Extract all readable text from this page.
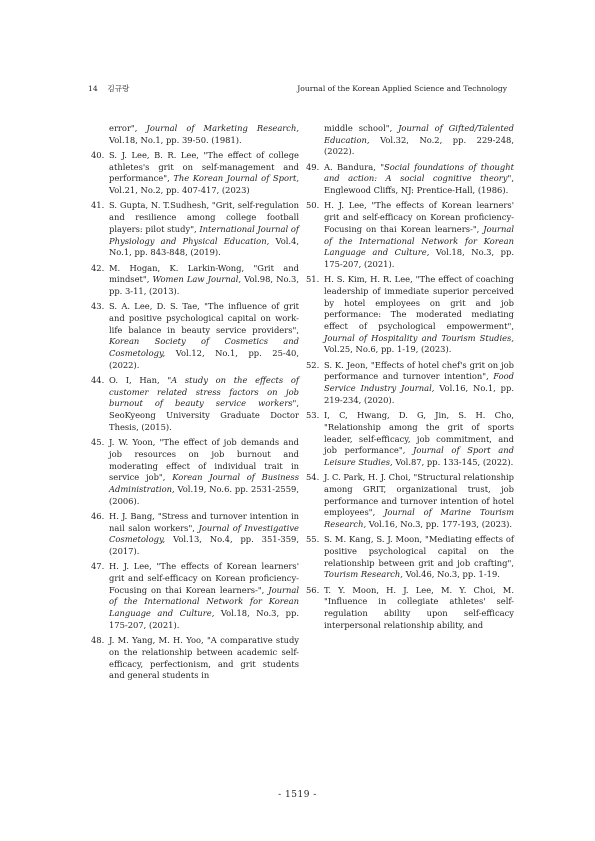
14 김규랑	Journal of the Korean Applied Science and Technology
error", Journal of Marketing Research, Vol.18, No.1, pp. 39-50. (1981).
40. S. J. Lee, B. R. Lee, "The effect of college athletes's grit on self-management and performance", The Korean Journal of Sport, Vol.21, No.2, pp. 407-417, (2023)
41. S. Gupta, N. T.Sudhesh, "Grit, self-regulation and resilience among college football players: pilot study", International Journal of Physiology and Physical Education, Vol.4, No.1, pp. 843-848, (2019).
42. M. Hogan, K. Larkin-Wong, "Grit and mindset", Women Law Journal, Vol.98, No.3, pp. 3-11, (2013).
43. S. A. Lee, D. S. Tae, "The influence of grit and positive psychological capital on work-life balance in beauty service providers", Korean Society of Cosmetics and Cosmetology, Vol.12, No.1, pp. 25-40, (2022).
44. O. I, Han, "A study on the effects of customer related stress factors on job burnout of beauty service workers", SeoKyeong University Graduate Doctor Thesis, (2015).
45. J. W. Yoon, "The effect of job demands and job resources on job burnout and moderating effect of individual trait in service job", Korean Journal of Business Administration, Vol.19, No.6. pp. 2531-2559, (2006).
46. H. J. Bang, "Stress and turnover intention in nail salon workers", Journal of Investigative Cosmetology, Vol.13, No.4, pp. 351-359, (2017).
47. H. J. Lee, "The effects of Korean learners' grit and self-efficacy on Korean proficiency-Focusing on thai Korean learners-", Journal of the International Network for Korean Language and Culture, Vol.18, No.3, pp. 175-207, (2021).
48. J. M. Yang, M. H. Yoo, "A comparative study on the relationship between academic self-efficacy, perfectionism, and grit students and general students in
middle school", Journal of Gifted/Talented Education, Vol.32, No.2, pp. 229-248, (2022).
49. A. Bandura, "Social foundations of thought and action: A social cognitive theory", Englewood Cliffs, NJ: Prentice-Hall, (1986).
50. H. J. Lee, "The effects of Korean learners' grit and self-efficacy on Korean proficiency-Focusing on thai Korean learners-", Journal of the International Network for Korean Language and Culture, Vol.18, No.3, pp. 175-207, (2021).
51. H. S. Kim, H. R. Lee, "The effect of coaching leadership of immediate superior perceived by hotel employees on grit and job performance: The moderated mediating effect of psychological empowerment", Journal of Hospitality and Tourism Studies, Vol.25, No.6, pp. 1-19, (2023).
52. S. K. Jeon, "Effects of hotel chef's grit on job performance and turnover intention", Food Service Industry Journal, Vol.16, No.1, pp. 219-234, (2020).
53. I, C, Hwang, D. G, Jin, S. H. Cho, "Relationship among the grit of sports leader, self-efficacy, job commitment, and job performance", Journal of Sport and Leisure Studies, Vol.87, pp. 133-145, (2022).
54. J. C. Park, H. J. Choi, "Structural relationship among GRIT, organizational trust, job performance and turnover intention of hotel employees", Journal of Marine Tourism Research, Vol.16, No.3, pp. 177-193, (2023).
55. S. M. Kang, S. J. Moon, "Mediating effects of positive psychological capital on the relationship between grit and job crafting", Tourism Research, Vol.46, No.3, pp. 1-19.
56. T. Y. Moon, H. J. Lee, M. Y. Choi, M. "Influence in collegiate athletes' self-regulation ability upon self-efficacy interpersonal relationship ability, and
- 1519 -
